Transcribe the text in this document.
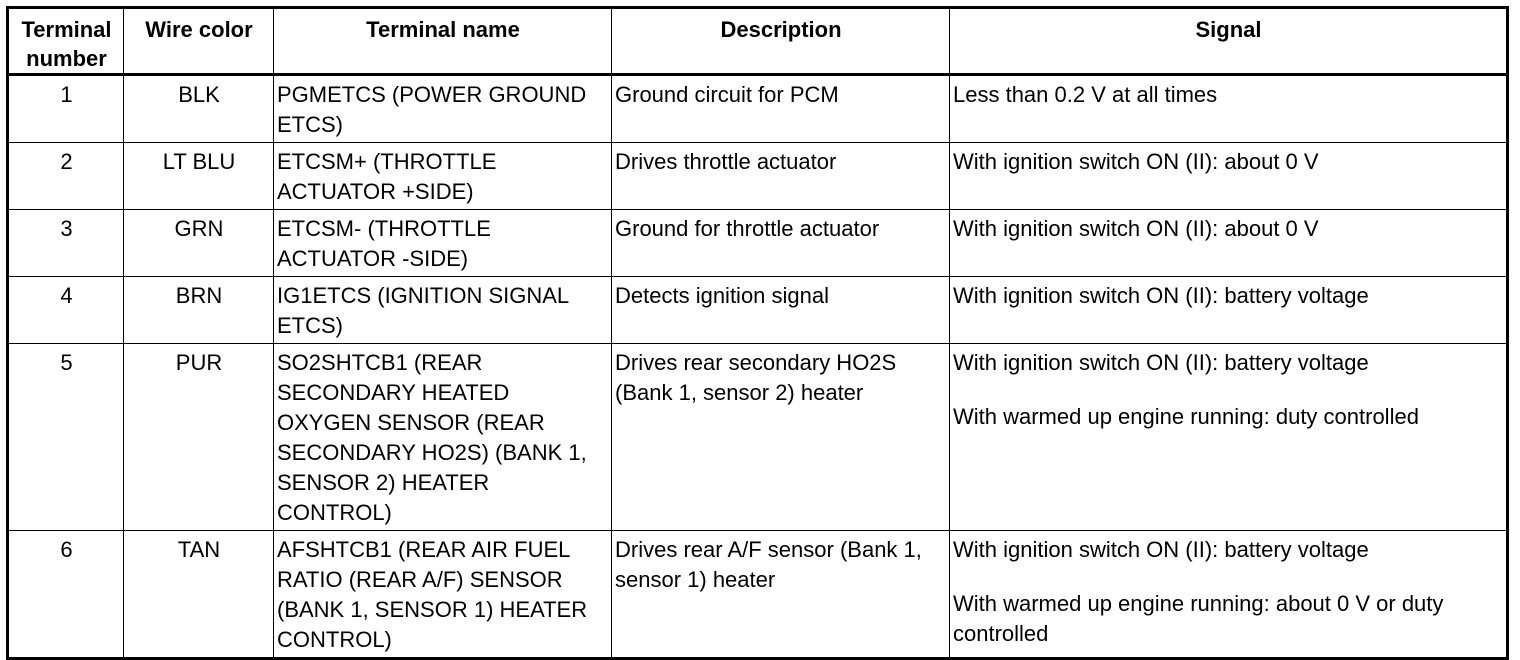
Terminal number	Wire color	Terminal name	Description	Signal
1	BLK	PGMETCS (POWER GROUND ETCS)	Ground circuit for PCM	Less than 0.2 V at all times

2	LT BLU	ETCSM+ (THROTTLE ACTUATOR +SIDE)	Drives throttle actuator	With ignition switch ON (II): about 0 V

3	GRN	ETCSM- (THROTTLE ACTUATOR -SIDE)	Ground for throttle actuator	With ignition switch ON (II): about 0 V

4	BRN	IG1ETCS (IGNITION SIGNAL ETCS)	Detects ignition signal	With ignition switch ON (II): battery voltage

5	PUR	SO2SHTCB1 (REAR SECONDARY HEATED OXYGEN SENSOR (REAR SECONDARY HO2S) (BANK 1, SENSOR 2) HEATER CONTROL)	Drives rear secondary HO2S (Bank 1, sensor 2) heater	With ignition switch ON (II): battery voltage
With warmed up engine running: duty controlled

6	TAN	AFSHTCB1 (REAR AIR FUEL RATIO (REAR A/F) SENSOR (BANK 1, SENSOR 1) HEATER CONTROL)	Drives rear A/F sensor (Bank 1, sensor 1) heater	With ignition switch ON (II): battery voltage
With warmed up engine running: about 0 V or duty controlled
